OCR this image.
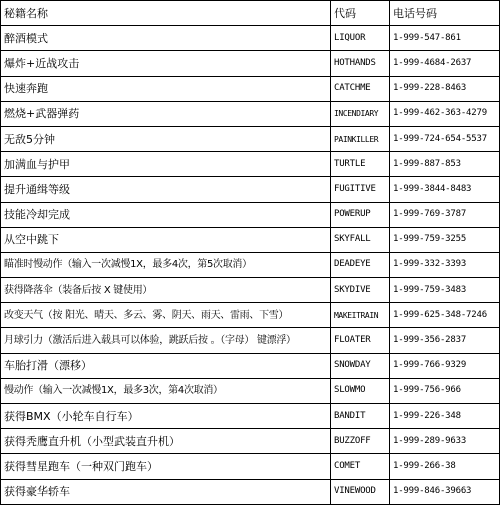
秘籍名称	代码	电话号码
醉酒模式	LIQUOR	1-999-547-861
爆炸+近战攻击	HOTHANDS	1-999-4684-2637
快速奔跑	CATCHME	1-999-228-8463
燃烧+武器弹药	INCENDIARY	1-999-462-363-4279
无敌5分钟	PAINKILLER	1-999-724-654-5537
加满血与护甲	TURTLE	1-999-887-853
提升通缉等级	FUGITIVE	1-999-3844-8483
技能冷却完成	POWERUP	1-999-769-3787
从空中跳下	SKYFALL	1-999-759-3255
瞄准时慢动作（输入一次减慢1X，最多4次，第5次取消）	DEADEYE	1-999-332-3393
获得降落伞（装备后按 X 键使用）	SKYDIVE	1-999-759-3483
改变天气（按 阳光、晴天、多云、雾、阴天、雨天、雷雨、下雪）	MAKEITRAIN	1-999-625-348-7246
月球引力（激活后进入载具可以体验，跳跃后按 。（字母） 键漂浮）	FLOATER	1-999-356-2837
车胎打滑（漂移）	SNOWDAY	1-999-766-9329
慢动作（输入一次减慢1X，最多3次，第4次取消）	SLOWMO	1-999-756-966
获得BMX（小轮车自行车）	BANDIT	1-999-226-348
获得秃鹰直升机（小型武装直升机）	BUZZOFF	1-999-289-9633
获得彗星跑车（一种双门跑车）	COMET	1-999-266-38
获得豪华轿车	VINEWOOD	1-999-846-39663
